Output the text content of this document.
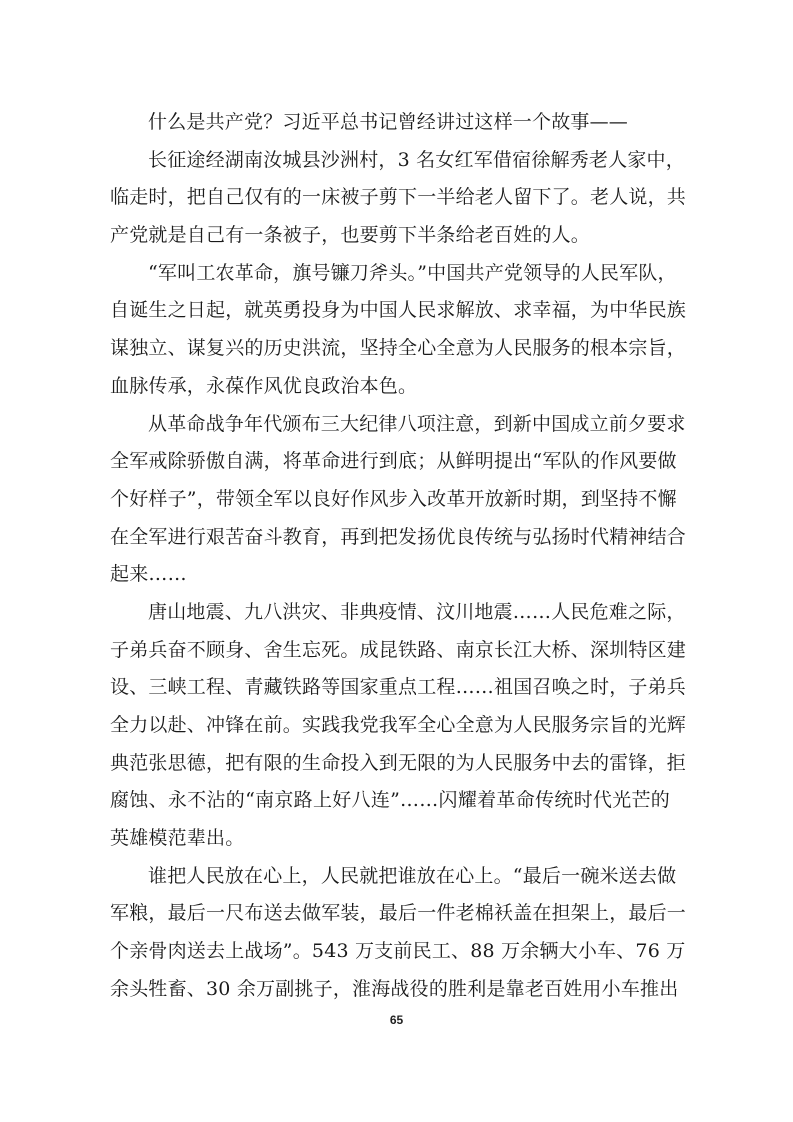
什么是共产党？习近平总书记曾经讲过这样一个故事——
长征途经湖南汝城县沙洲村，3 名女红军借宿徐解秀老人家中，
临走时，把自己仅有的一床被子剪下一半给老人留下了。老人说，共
产党就是自己有一条被子，也要剪下半条给老百姓的人。
“军叫工农革命，旗号镰刀斧头。”中国共产党领导的人民军队，
自诞生之日起，就英勇投身为中国人民求解放、求幸福，为中华民族
谋独立、谋复兴的历史洪流，坚持全心全意为人民服务的根本宗旨，
血脉传承，永葆作风优良政治本色。
从革命战争年代颁布三大纪律八项注意，到新中国成立前夕要求
全军戒除骄傲自满，将革命进行到底；从鲜明提出“军队的作风要做
个好样子”，带领全军以良好作风步入改革开放新时期，到坚持不懈
在全军进行艰苦奋斗教育，再到把发扬优良传统与弘扬时代精神结合
起来……
唐山地震、九八洪灾、非典疫情、汶川地震……人民危难之际，
子弟兵奋不顾身、舍生忘死。成昆铁路、南京长江大桥、深圳特区建
设、三峡工程、青藏铁路等国家重点工程……祖国召唤之时，子弟兵
全力以赴、冲锋在前。实践我党我军全心全意为人民服务宗旨的光辉
典范张思德，把有限的生命投入到无限的为人民服务中去的雷锋，拒
腐蚀、永不沾的“南京路上好八连”……闪耀着革命传统时代光芒的
英雄模范辈出。
谁把人民放在心上，人民就把谁放在心上。“最后一碗米送去做
军粮，最后一尺布送去做军装，最后一件老棉袄盖在担架上，最后一
个亲骨肉送去上战场”。543 万支前民工、88 万余辆大小车、76 万
余头牲畜、30 余万副挑子，淮海战役的胜利是靠老百姓用小车推出
65
